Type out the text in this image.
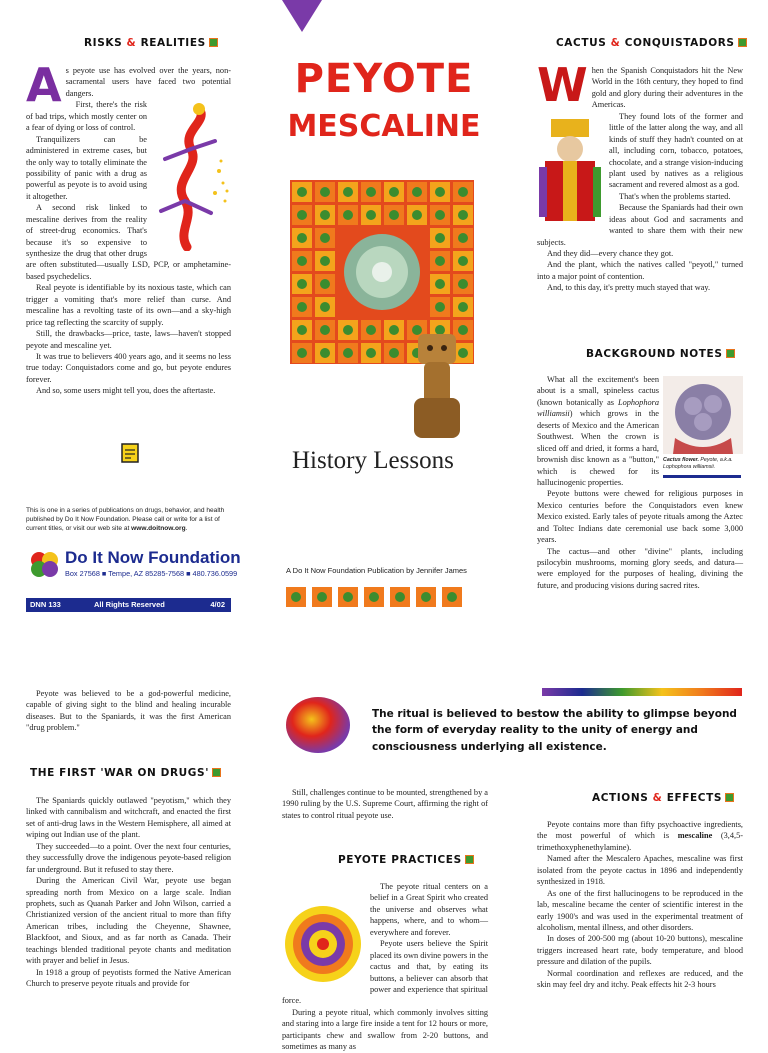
RISKS & REALITIES
A s peyote use has evolved over the years, non-sacramental users have faced two potential dangers.

First, there's the risk of bad trips, which mostly center on a fear of dying or loss of control.

Tranquilizers can be administered in extreme cases, but the only way to totally eliminate the possibility of panic with a drug as powerful as peyote is to avoid using it altogether.

A second risk linked to mescaline derives from the reality of street-drug economics. That's because it's so expensive to synthesize the drug that other drugs are often substituted—usually LSD, PCP, or amphetamine-based psychedelics.

Real peyote is identifiable by its noxious taste, which can trigger a vomiting that's more relief than curse. And mescaline has a revolting taste of its own—and a sky-high price tag reflecting the scarcity of supply.

Still, the drawbacks—price, taste, laws—haven't stopped peyote and mescaline yet.

It was true to believers 400 years ago, and it seems no less true today: Conquistadors come and go, but peyote endures forever.

And so, some users might tell you, does the aftertaste.

This is one in a series of publications on drugs, behavior, and health published by Do It Now Foundation. Please call or write for a list of current titles, or visit our web site at www.doitnow.org.
Do It Now Foundation
Box 27568 ■ Tempe, AZ 85285-7568 ■ 480.736.0599
DNN 133	All Rights Reserved	4/02
PEYOTE
MESCALINE
History Lessons
A Do It Now Foundation Publication by Jennifer James
CACTUS & CONQUISTADORS
W hen the Spanish Conquistadors hit the New World in the 16th century, they hoped to find gold and glory during their adventures in the Americas.

They found lots of the former and little of the latter along the way, and all kinds of stuff they hadn't counted on at all, including corn, tobacco, potatoes, chocolate, and a strange vision-inducing plant used by natives as a religious sacrament and revered almost as a god.

That's when the problems started.

Because the Spaniards had their own ideas about God and sacraments and wanted to share them with their new subjects.

And they did—every chance they got.

And the plant, which the natives called "peyotl," turned into a major point of contention.

And, to this day, it's pretty much stayed that way.

BACKGROUND NOTES
Cactus flower. Peyote, a.k.a. Lophophora williamsii.

What all the excitement's been about is a small, spineless cactus (known botanically as Lophophora williamsii) which grows in the deserts of Mexico and the American Southwest. When the crown is sliced off and dried, it forms a hard, brownish disc known as a "button," which is chewed for its hallucinogenic properties.

Peyote buttons were chewed for religious purposes in Mexico centuries before the Conquistadors even knew Mexico existed. Early tales of peyote rituals among the Aztec and Toltec Indians date ceremonial use back some 3,000 years.

The cactus—and other "divine" plants, including psilocybin mushrooms, morning glory seeds, and datura—were employed for the purposes of healing, divining the future, and producing visions during sacred rites.

Peyote was believed to be a god-powerful medicine, capable of giving sight to the blind and healing incurable diseases. But to the Spaniards, it was the first American "drug problem."

The ritual is believed to bestow the ability to glimpse beyond the form of everyday reality to the unity of energy and consciousness underlying all existence.
THE FIRST 'WAR ON DRUGS'

The Spaniards quickly outlawed "peyotism," which they linked with cannibalism and witchcraft, and enacted the first set of anti-drug laws in the Western Hemisphere, all aimed at wiping out Indian use of the plant.

They succeeded—to a point. Over the next four centuries, they successfully drove the indigenous peyote-based religion far underground. But it refused to stay there.

During the American Civil War, peyote use began spreading north from Mexico on a large scale. Indian prophets, such as Quanah Parker and John Wilson, carried a Christianized version of the ancient ritual to more than fifty American tribes, including the Cheyenne, Shawnee, Blackfoot, and Sioux, and as far north as Canada. Their teachings blended traditional peyote chants and meditation with prayer and belief in Jesus.

In 1918 a group of peyotists formed the Native American Church to preserve peyote rituals and provide for

Still, challenges continue to be mounted, strengthened by a 1990 ruling by the U.S. Supreme Court, affirming the right of states to control ritual peyote use.

PEYOTE PRACTICES

The peyote ritual centers on a belief in a Great Spirit who created the universe and observes what happens, where, and to whom—everywhere and forever.

Peyote users believe the Spirit placed its own divine powers in the cactus and that, by eating its buttons, a believer can absorb that power and experience that spiritual force.

During a peyote ritual, which commonly involves sitting and staring into a large fire inside a tent for 12 hours or more, participants chew and swallow from 2-20 buttons, and sometimes as many as

ACTIONS & EFFECTS

Peyote contains more than fifty psychoactive ingredients, the most powerful of which is mescaline (3,4,5-trimethoxyphenethylamine).

Named after the Mescalero Apaches, mescaline was first isolated from the peyote cactus in 1896 and independently synthesized in 1918.

As one of the first hallucinogens to be reproduced in the lab, mescaline became the center of scientific interest in the early 1900's and was used in the experimental treatment of alcoholism, mental illness, and other disorders.

In doses of 200-500 mg (about 10-20 buttons), mescaline triggers increased heart rate, body temperature, and blood pressure and dilation of the pupils.

Normal coordination and reflexes are reduced, and the skin may feel dry and itchy. Peak effects hit 2-3 hours
